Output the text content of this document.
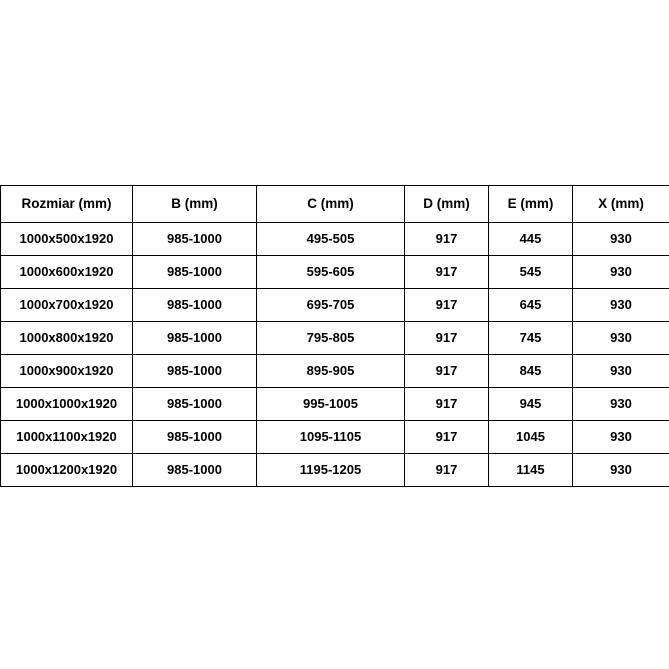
Rozmiar (mm)	B (mm)	C (mm)	D (mm)	E (mm)	X (mm)
1000x500x1920	985-1000	495-505	917	445	930
1000x600x1920	985-1000	595-605	917	545	930
1000x700x1920	985-1000	695-705	917	645	930
1000x800x1920	985-1000	795-805	917	745	930
1000x900x1920	985-1000	895-905	917	845	930
1000x1000x1920	985-1000	995-1005	917	945	930
1000x1100x1920	985-1000	1095-1105	917	1045	930
1000x1200x1920	985-1000	1195-1205	917	1145	930
